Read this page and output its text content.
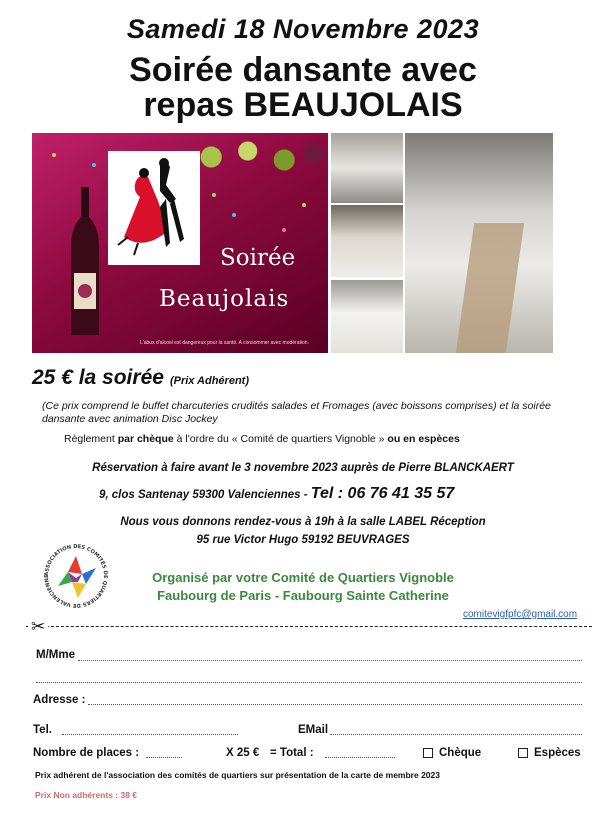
Samedi 18 Novembre 2023
Soirée dansante avec
repas BEAUJOLAIS
Soirée
Beaujolais
L'abus d'alcool est dangereux pour la santé. A consommer avec modération.
25 € la soirée (Prix Adhérent)
(Ce prix comprend le buffet charcuteries crudités salades et Fromages (avec boissons comprises) et la soirée dansante avec animation Disc Jockey
Règlement par chèque à l'ordre du « Comité de quartiers Vignoble » ou en espèces
Réservation à faire avant le 3 novembre 2023 auprès de Pierre BLANCKAERT
9, clos Santenay 59300 Valenciennes - Tel : 06 76 41 35 57
Nous vous donnons rendez-vous à 19h à la salle LABEL Réception
95 rue Victor Hugo 59192 BEUVRAGES
ASSOCIATION DES COMITÉS DE QUARTIERS DE VALENCIENNE	Organisé par votre Comité de Quartiers Vignoble
Faubourg de Paris - Faubourg Sainte Catherine
comitevigfpfc@gmail.com
✂
M/Mme
Adresse :
Tel.	EMail
Nombre de places :	X 25 € = Total :	Chèque	Espèces
Prix adhérent de l'association des comités de quartiers sur présentation de la carte de membre 2023
Prix Non adhérents : 38 €
